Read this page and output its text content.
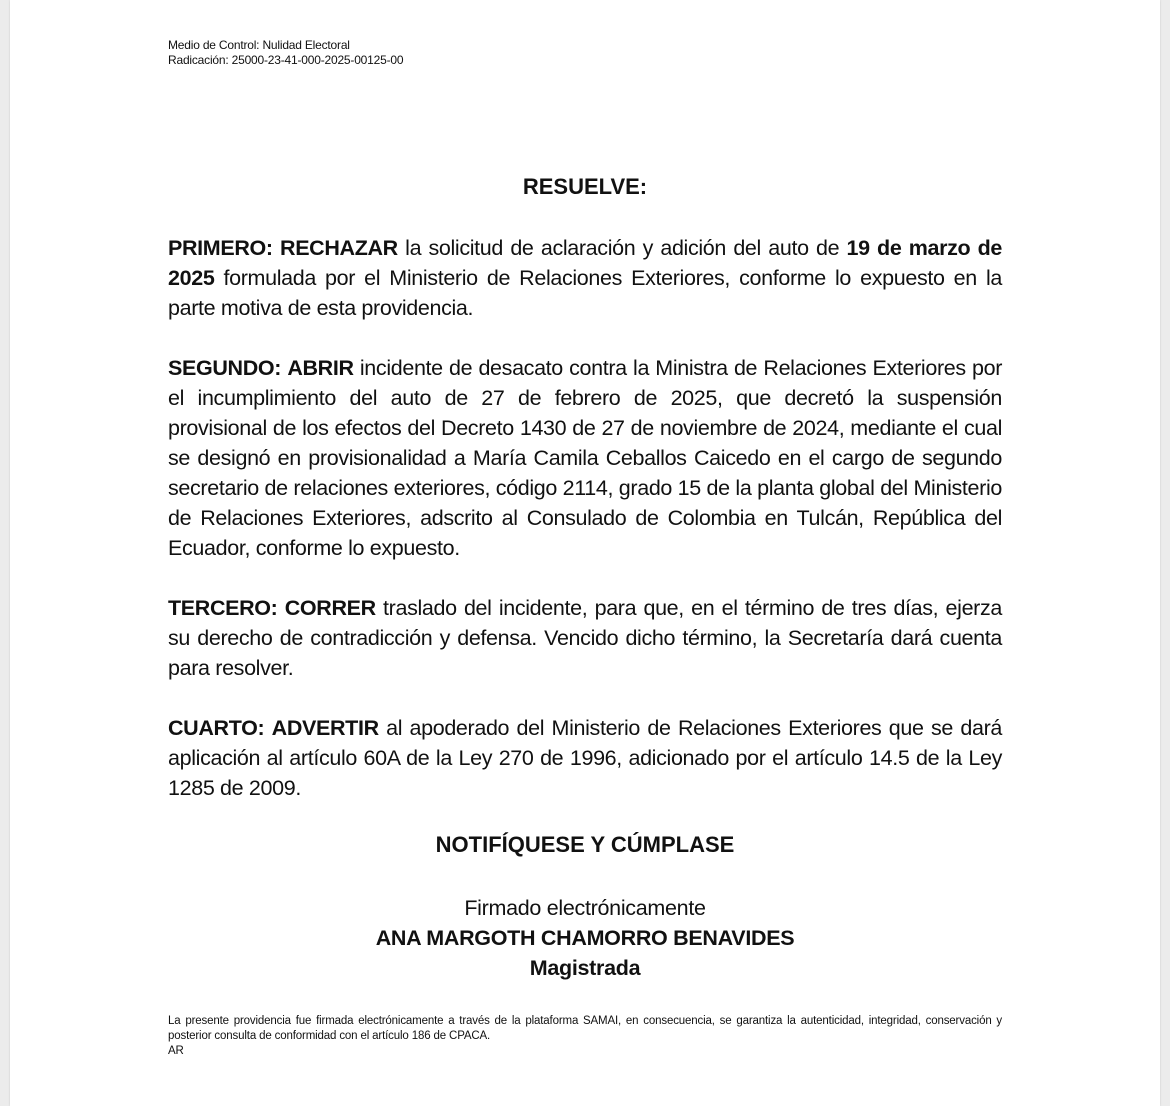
Medio de Control: Nulidad Electoral
Radicación: 25000-23-41-000-2025-00125-00
RESUELVE:
PRIMERO: RECHAZAR la solicitud de aclaración y adición del auto de 19 de marzo de 2025 formulada por el Ministerio de Relaciones Exteriores, conforme lo expuesto en la parte motiva de esta providencia.
SEGUNDO: ABRIR incidente de desacato contra la Ministra de Relaciones Exteriores por el incumplimiento del auto de 27 de febrero de 2025, que decretó la suspensión provisional de los efectos del Decreto 1430 de 27 de noviembre de 2024, mediante el cual se designó en provisionalidad a María Camila Ceballos Caicedo en el cargo de segundo secretario de relaciones exteriores, código 2114, grado 15 de la planta global del Ministerio de Relaciones Exteriores, adscrito al Consulado de Colombia en Tulcán, República del Ecuador, conforme lo expuesto.
TERCERO: CORRER traslado del incidente, para que, en el término de tres días, ejerza su derecho de contradicción y defensa. Vencido dicho término, la Secretaría dará cuenta para resolver.
CUARTO: ADVERTIR al apoderado del Ministerio de Relaciones Exteriores que se dará aplicación al artículo 60A de la Ley 270 de 1996, adicionado por el artículo 14.5 de la Ley 1285 de 2009.
NOTIFÍQUESE Y CÚMPLASE
Firmado electrónicamente
ANA MARGOTH CHAMORRO BENAVIDES
Magistrada
La presente providencia fue firmada electrónicamente a través de la plataforma SAMAI, en consecuencia, se garantiza la autenticidad, integridad, conservación y posterior consulta de conformidad con el artículo 186 de CPACA.
AR
